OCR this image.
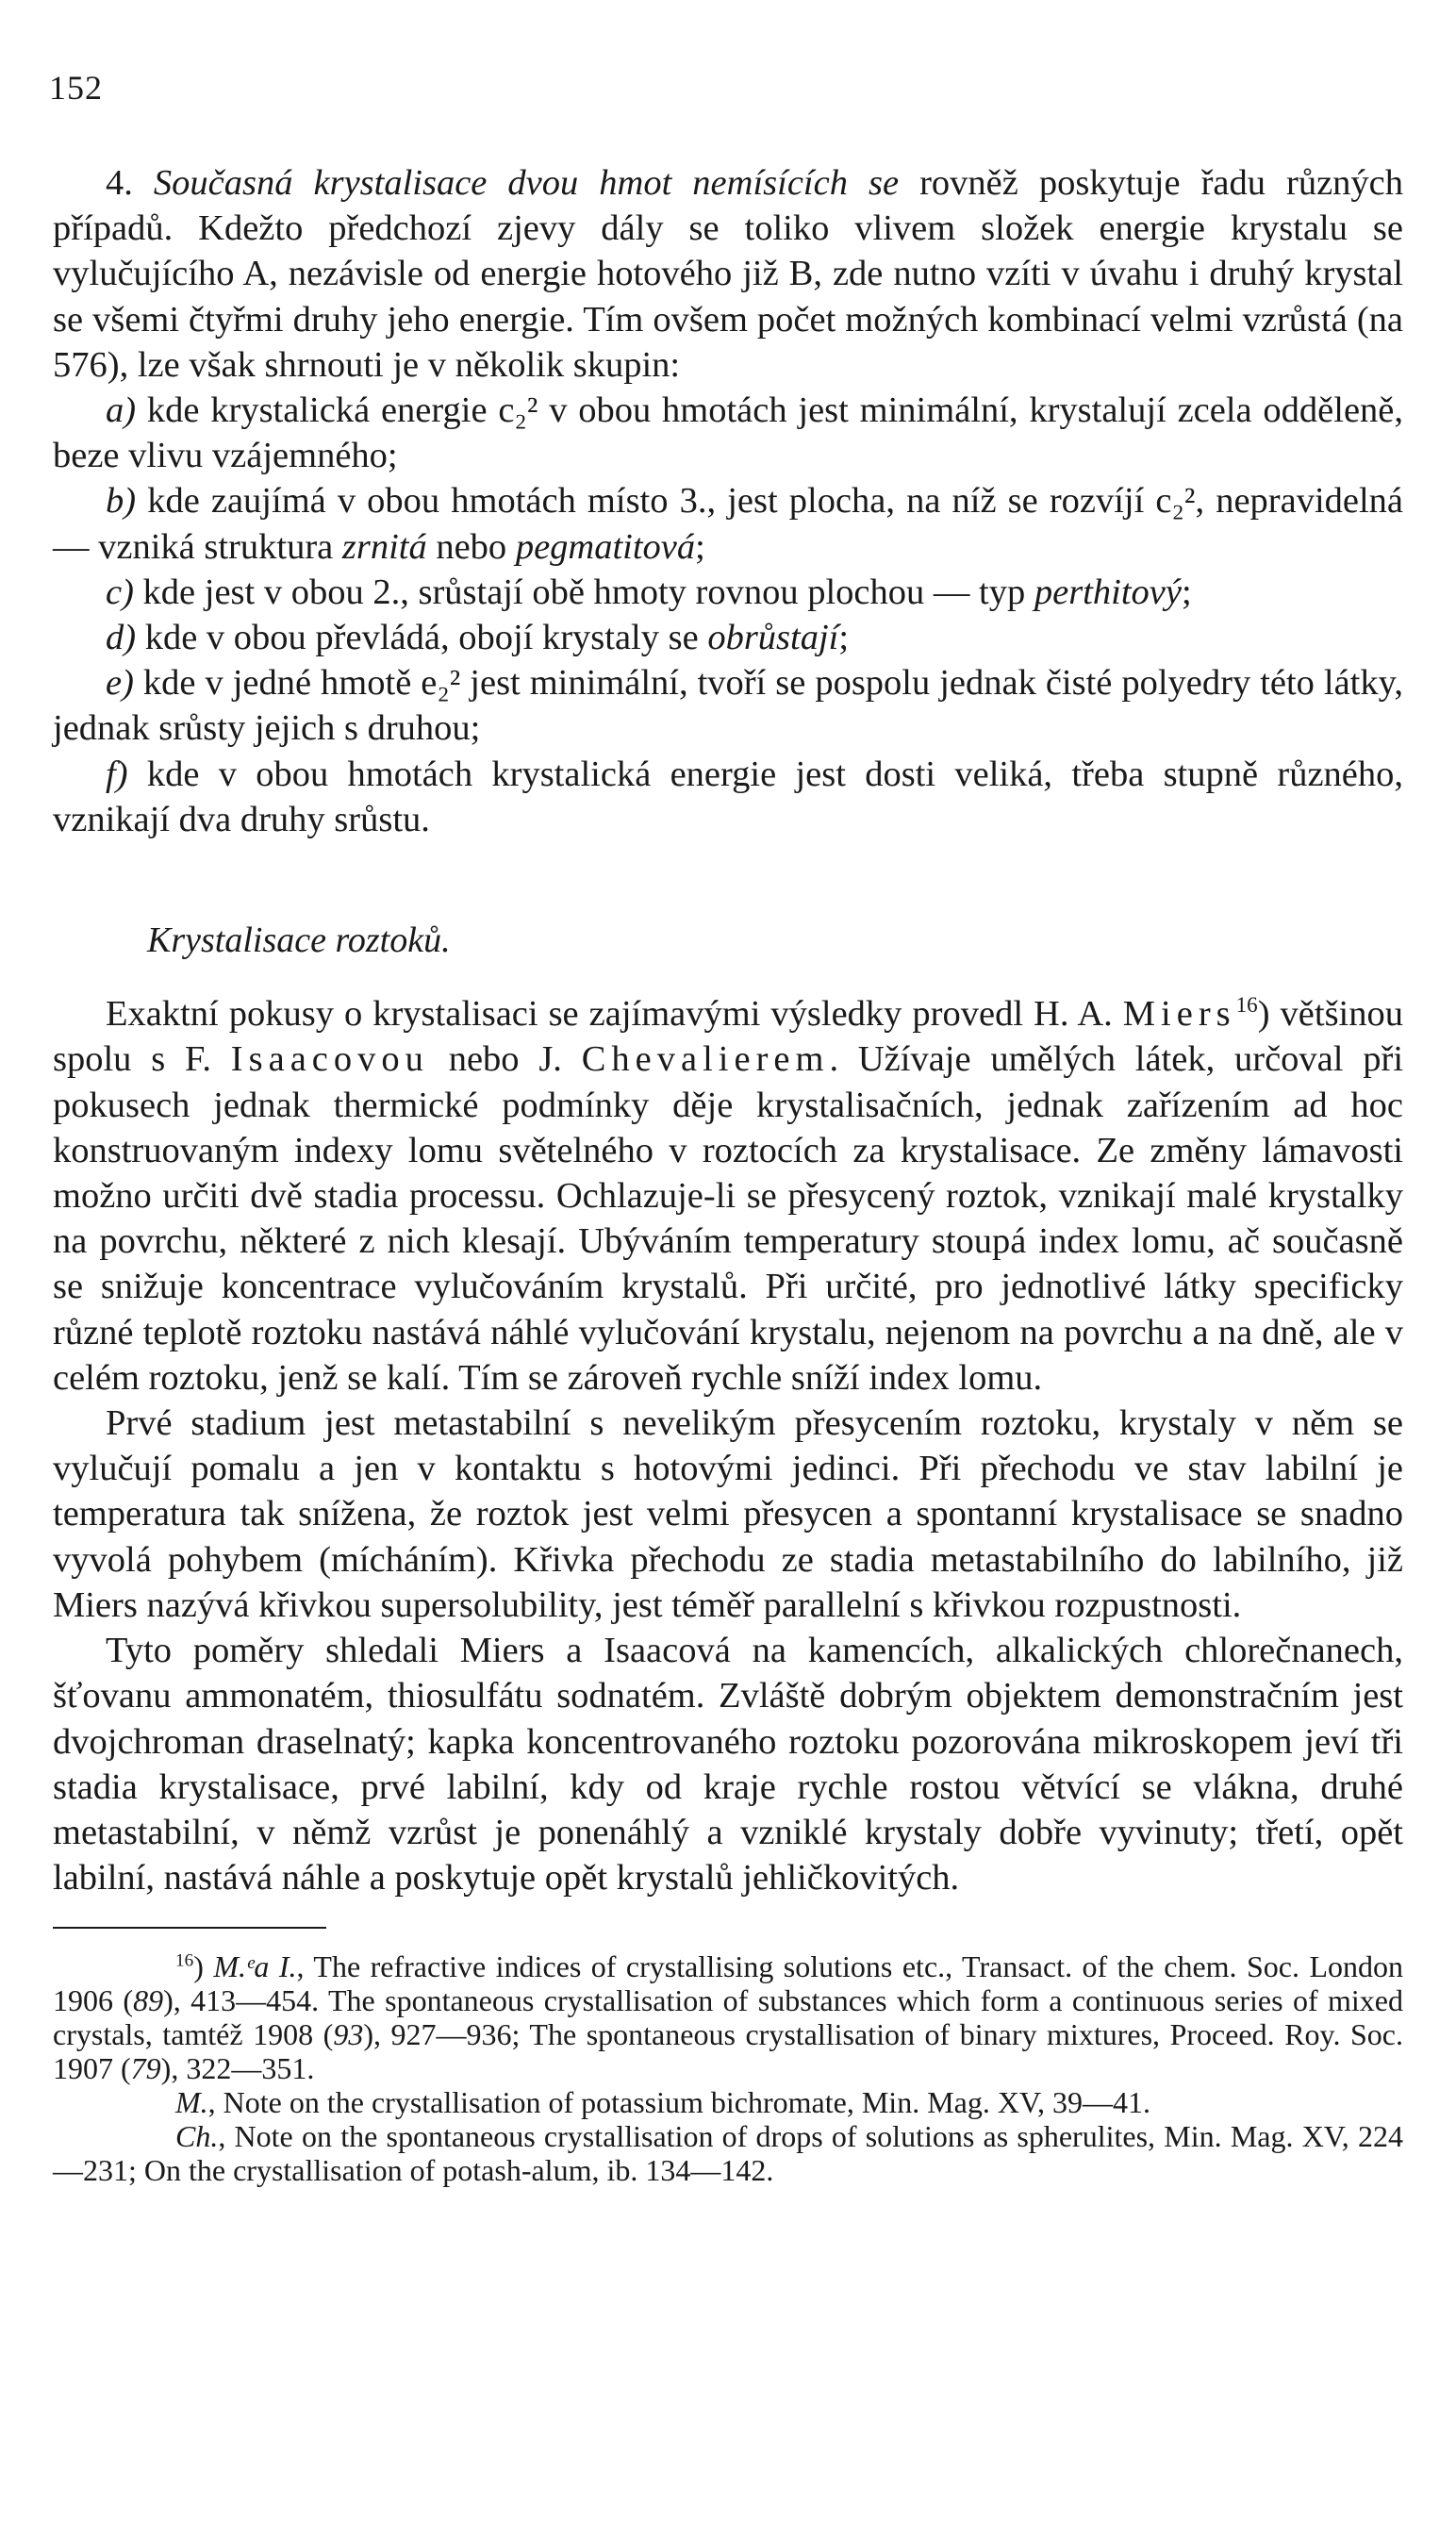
152

4. Současná krystalisace dvou hmot nemísících se rovněž poskytuje řadu různých případů. Kdežto předchozí zjevy dály se toliko vlivem složek energie krystalu se vylučujícího A, nezávisle od energie hotového již B, zde nutno vzíti v úvahu i druhý krystal se všemi čtyřmi druhy jeho energie. Tím ovšem počet možných kombinací velmi vzrůstá (na 576), lze však shrnouti je v několik skupin:

a) kde krystalická energie c₂² v obou hmotách jest minimální, krystalují zcela odděleně, beze vlivu vzájemného;

b) kde zaujímá v obou hmotách místo 3., jest plocha, na níž se rozvíjí c₂², nepravidelná — vzniká struktura zrnitá nebo pegmatitová;

c) kde jest v obou 2., srůstají obě hmoty rovnou plochou — typ perthitový;

d) kde v obou převládá, obojí krystaly se obrůstají;

e) kde v jedné hmotě e₂² jest minimální, tvoří se pospolu jednak čisté polyedry této látky, jednak srůsty jejich s druhou;

f) kde v obou hmotách krystalická energie jest dosti veliká, třeba stupně různého, vznikají dva druhy srůstu.

Krystalisace roztoků.

Exaktní pokusy o krystalisaci se zajímavými výsledky provedl H. A. Miers$^{16}$) většinou spolu s F. Isaacovou nebo J. Chevalierem. Užívaje umělých látek, určoval při pokusech jednak thermické podmínky děje krystalisačních, jednak zařízením ad hoc konstruovaným indexy lomu světelného v roztocích za krystalisace. Ze změny lámavosti možno určiti dvě stadia processu. Ochlazuje-li se přesycený roztok, vznikají malé krystalky na povrchu, některé z nich klesají. Ubýváním temperatury stoupá index lomu, ač současně se snižuje koncentrace vylučováním krystalů. Při určité, pro jednotlivé látky specificky různé teplotě roztoku nastává náhlé vylučování krystalu, nejenom na povrchu a na dně, ale v celém roztoku, jenž se kalí. Tím se zároveň rychle sníží index lomu.

Prvé stadium jest metastabilní s nevelikým přesycením roztoku, krystaly v něm se vylučují pomalu a jen v kontaktu s hotovými jedinci. Při přechodu ve stav labilní je temperatura tak snížena, že roztok jest velmi přesycen a spontanní krystalisace se snadno vyvolá pohybem (mícháním). Křivka přechodu ze stadia metastabilního do labilního, již Miers nazývá křivkou supersolubility, jest téměř parallelní s křivkou rozpustnosti.

Tyto poměry shledali Miers a Isaacová na kamencích, alkalických chlorečnanech, šťovanu ammonatém, thiosulfátu sodnatém. Zvláště dobrým objektem demonstračním jest dvojchroman draselnatý; kapka koncentrovaného roztoku pozorována mikroskopem jeví tři stadia krystalisace, prvé labilní, kdy od kraje rychle rostou větvící se vlákna, druhé metastabilní, v němž vzrůst je ponenáhlý a vzniklé krystaly dobře vyvinuty; třetí, opět labilní, nastává náhle a poskytuje opět krystalů jehličkovitých.

$^{16}$) M.ᵉa I., The refractive indices of crystallising solutions etc., Transact. of the chem. Soc. London 1906 (89), 413—454. The spontaneous crystallisation of substances which form a continuous series of mixed crystals, tamtéž 1908 (93), 927—936; The spontaneous crystallisation of binary mixtures, Proceed. Roy. Soc. 1907 (79), 322—351.

M., Note on the crystallisation of potassium bichromate, Min. Mag. XV, 39—41.

Ch., Note on the spontaneous crystallisation of drops of solutions as spherulites, Min. Mag. XV, 224—231; On the crystallisation of potash-alum, ib. 134—142.
